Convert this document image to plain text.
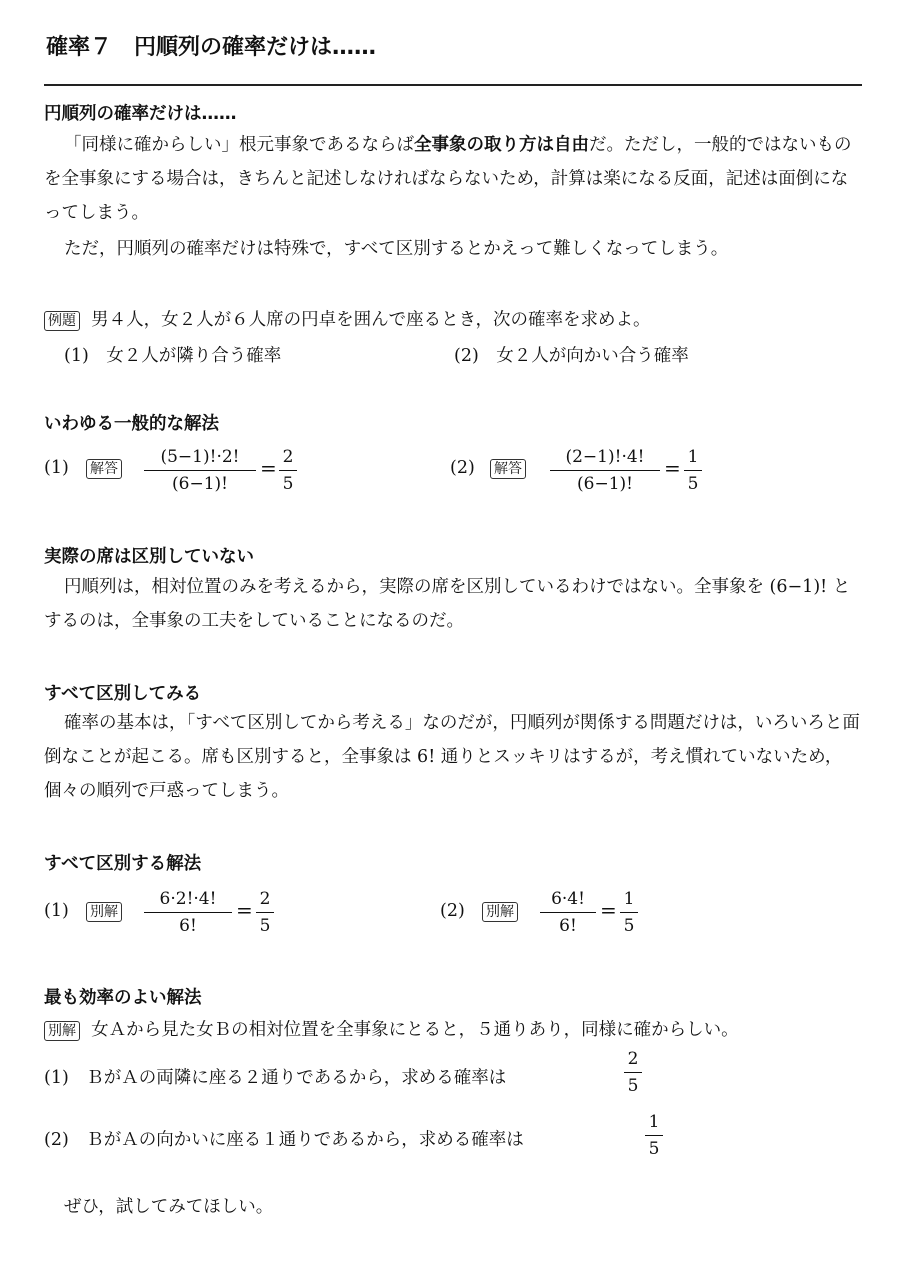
確率７　円順列の確率だけは……
円順列の確率だけは……
「同様に確からしい」根元事象であるならば全事象の取り方は自由だ。ただし，一般的ではないものを全事象にする場合は，きちんと記述しなければならないため，計算は楽になる反面，記述は面倒になってしまう。
ただ，円順列の確率だけは特殊で，すべて区別するとかえって難しくなってしまう。
例題 男４人，女２人が６人席の円卓を囲んで座るとき，次の確率を求めよ。
(1)　女２人が隣り合う確率	(2)　女２人が向かい合う確率
いわゆる一般的な解法
(1) 解答
(5−1)!·2!
(6−1)!
= 2
5
(2) 解答
(2−1)!·4!
(6−1)!
= 1
5
実際の席は区別していない
円順列は，相対位置のみを考えるから，実際の席を区別しているわけではない。全事象を (6−1)! とするのは，全事象の工夫をしていることになるのだ。
すべて区別してみる
確率の基本は，「すべて区別してから考える」なのだが，円順列が関係する問題だけは，いろいろと面倒なことが起こる。席も区別すると，全事象は 6! 通りとスッキリはするが，考え慣れていないため，個々の順列で戸惑ってしまう。
すべて区別する解法
(1) 別解
6·2!·4!
6!
= 2
5
(2) 別解
6·4!
6!
= 1
5
最も効率のよい解法
別解 女Ａから見た女Ｂの相対位置を全事象にとると，５通りあり，同様に確からしい。
(1)　ＢがＡの両隣に座る２通りであるから，求める確率は
2
5
(2)　ＢがＡの向かいに座る１通りであるから，求める確率は
1
5
ぜひ，試してみてほしい。
